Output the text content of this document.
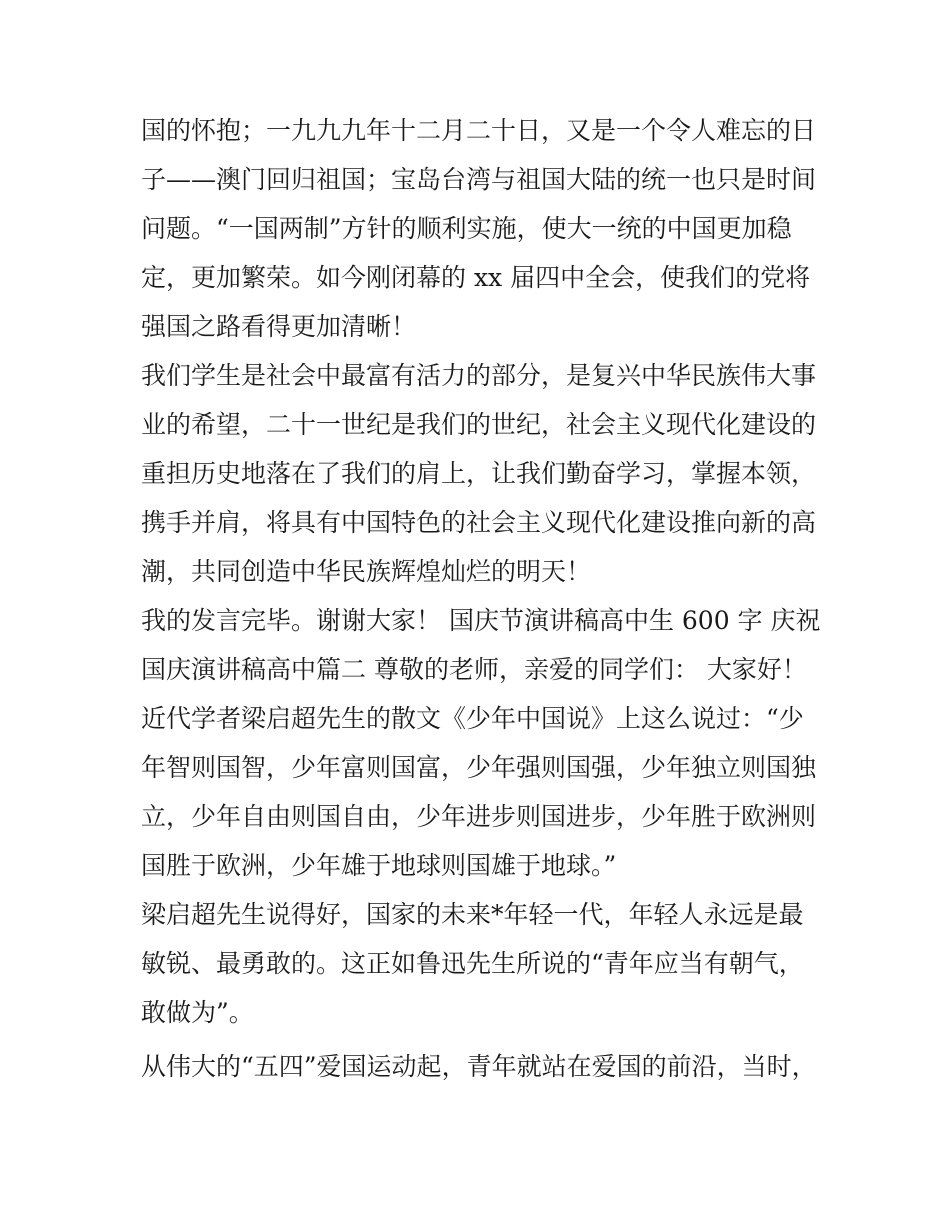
国的怀抱；一九九九年十二月二十日，又是一个令人难忘的日
子——澳门回归祖国；宝岛台湾与祖国大陆的统一也只是时间
问题。“一国两制”方针的顺利实施，使大一统的中国更加稳
定，更加繁荣。如今刚闭幕的 xx 届四中全会，使我们的党将
强国之路看得更加清晰！
我们学生是社会中最富有活力的部分，是复兴中华民族伟大事
业的希望，二十一世纪是我们的世纪，社会主义现代化建设的
重担历史地落在了我们的肩上，让我们勤奋学习，掌握本领，
携手并肩，将具有中国特色的社会主义现代化建设推向新的高
潮，共同创造中华民族辉煌灿烂的明天！
我的发言完毕。谢谢大家！ 国庆节演讲稿高中生 600 字 庆祝
国庆演讲稿高中篇二 尊敬的老师，亲爱的同学们： 大家好！
近代学者梁启超先生的散文《少年中国说》上这么说过：“少
年智则国智，少年富则国富，少年强则国强，少年独立则国独
立，少年自由则国自由，少年进步则国进步，少年胜于欧洲则
国胜于欧洲，少年雄于地球则国雄于地球。”
梁启超先生说得好，国家的未来*年轻一代，年轻人永远是最
敏锐、最勇敢的。这正如鲁迅先生所说的“青年应当有朝气，
敢做为”。
从伟大的“五四”爱国运动起，青年就站在爱国的前沿，当时，
